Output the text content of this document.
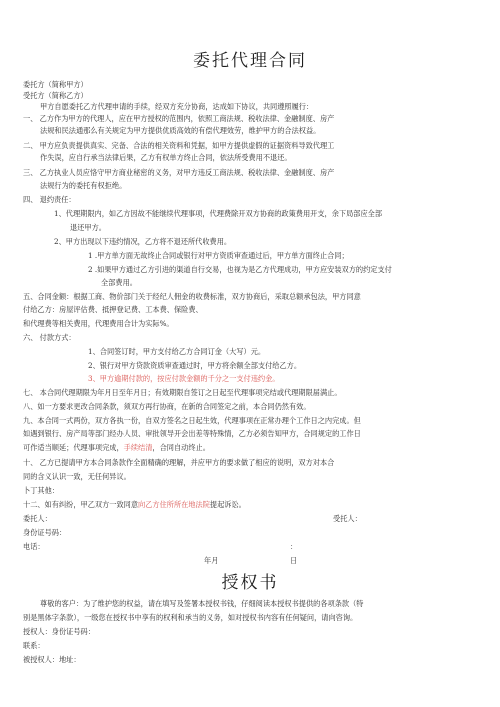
委托代理合同
委托方（简称甲方）
受托方（简称乙方）
甲方自愿委托乙方代理申请的手续，经双方充分协商，达成如下协议，共同遵照履行：
一、 乙方作为甲方的代理人，应在甲方授权的范围内，依照工商法规、税收法律、金融制度、房产
法规和民法通那么有关规定为甲方提供优质高效的有偿代理效劳，维护甲方的合法权益。
二、 甲方应负责提供真实、完备、合法的相关资料和凭据，如甲方提供虚假的证据资料导致代理工
作失误，应自行承当法律后果，乙方有权单方终止合同，依法所受费用不退还。
三、 乙方执业人员应恪守甲方商业秘密的义务，对甲方违反工商法规、税收法律、金融制度、房产
法规行为的委托有权拒绝。
四、 退约责任：
1、代理期限内，如乙方因故不能继续代理事项，代理费除开双方协商的政策费用开支，余下局部应全部
退还甲方。
2、甲方出现以下违约情况，乙方将不退还所代收费用。
1 .甲方单方面无故终止合同或银行对甲方资质审查通过后，甲方单方面终止合同；
2 .如果甲方通过乙方引进的渠道自行交易，也视为是乙方代理成功，甲方应安装双方的约定支付
全部费用。
五、合同金额：根据工商、物价部门关于经纪人佣金的收费标准，双方协商后，采取总额承包法，甲方同意
付给乙方：房屋评估费、抵押登记费、工本费、保险费、
和代理费等相关费用，代理费用合计为实际%。
六、 付款方式：
1、合同签订时，甲方支付给乙方合同订金（大写）元。
2、银行对甲方贷款资质审查通过时，甲方将余额全部支付给乙方。
3、甲方逾期付款的，按应付款金额的千分之一支付违约金。
七、 本合同代理期限为年月日至年月日；有效期限自签订之日起至代理事项完结或代理期限届满止。
八、如一方要求更改合同条款，须双方再行协商，在新的合同签定之前，本合同仍然有效。
九、本合同一式两份，双方各执一份，自双方签名之日起生效，代理事项在正常办理个工作日之内完成。但
如遇到银行、房产局等部门经办人员、审批领导开会出差等特殊情，乙方必须告知甲方，合同规定的工作日
可作适当顺延；代理事项完成，手续结清，合同自动终止。
十、 乙方已提请甲方本合同条款作全面精确的理解，并应甲方的要求做了相应的说明，双方对本合
同的含义认识一致，无任何异议。
卜丁其他：
十二、如有纠纷，甲乙双方一致同意向乙方住所所在地法院提起诉讼。
委托人：	受托人：
身份证号码：
电话：	：
年月	日
授权书
尊敬的客户：为了维护您的权益，请在填写及签署本授权书钱，仔细阅读本授权书提供的各项条款（特
别是黑体字条款），一级您在授权书中享有的权利和承当的义务，如对授权书内容有任何疑问，请向咨询。
授权人：身份证号码：
联系：
被授权人：地址：
